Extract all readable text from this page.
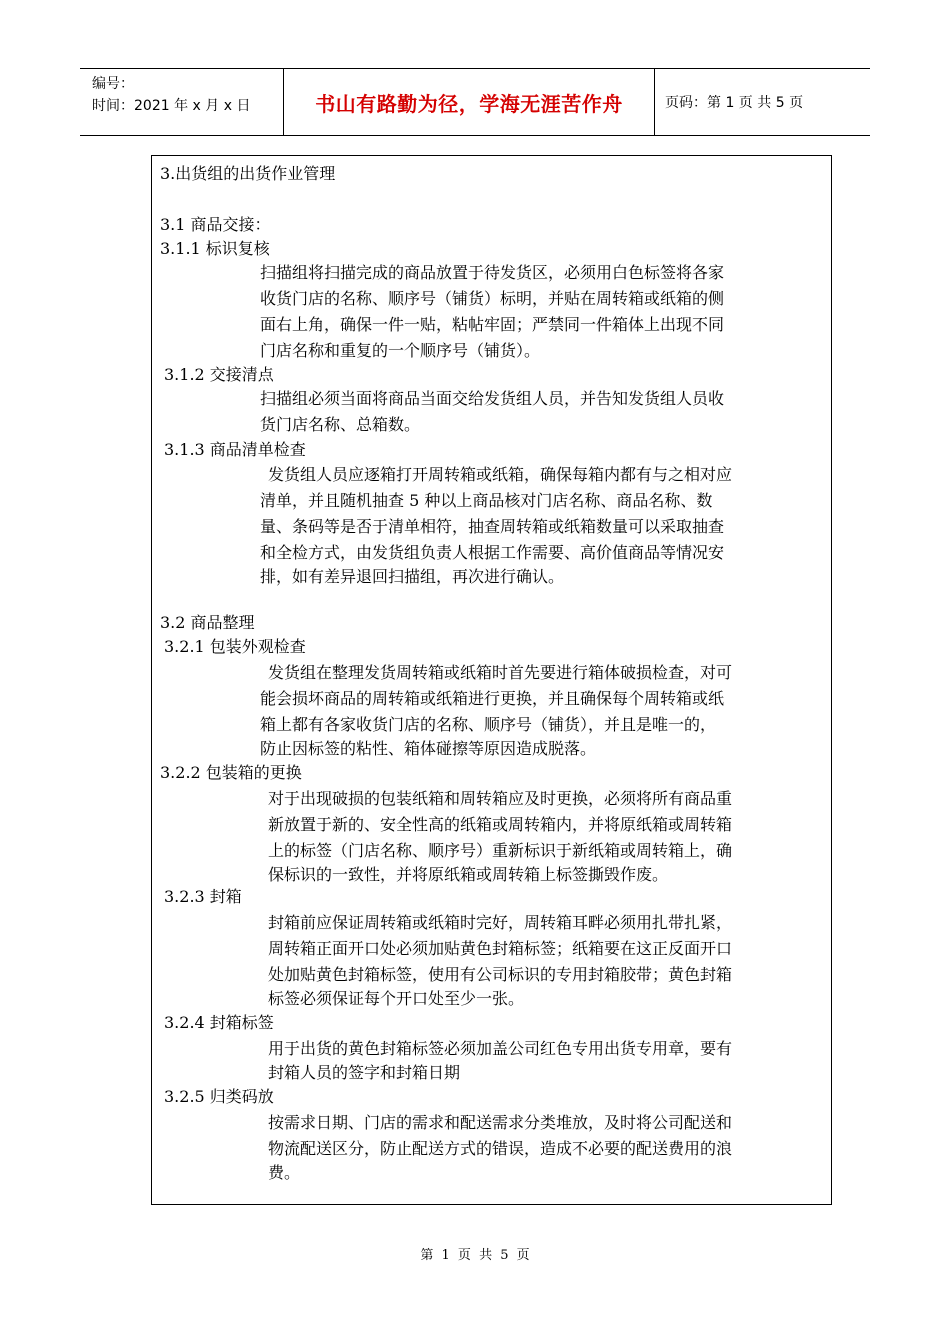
编号：
时间：2021 年 x 月 x 日	书山有路勤为径，学海无涯苦作舟	页码：第 1 页 共 5 页
3.出货组的出货作业管理
3.1 商品交接：
3.1.1 标识复核
扫描组将扫描完成的商品放置于待发货区，必须用白色标签将各家
收货门店的名称、顺序号（铺货）标明，并贴在周转箱或纸箱的侧
面右上角，确保一件一贴，粘帖牢固；严禁同一件箱体上出现不同
门店名称和重复的一个顺序号（铺货）。
3.1.2 交接清点
扫描组必须当面将商品当面交给发货组人员，并告知发货组人员收
货门店名称、总箱数。
3.1.3 商品清单检查
发货组人员应逐箱打开周转箱或纸箱，确保每箱内都有与之相对应
清单，并且随机抽查 5 种以上商品核对门店名称、商品名称、数
量、条码等是否于清单相符，抽查周转箱或纸箱数量可以采取抽查
和全检方式，由发货组负责人根据工作需要、高价值商品等情况安
排，如有差异退回扫描组，再次进行确认。
3.2 商品整理
3.2.1 包装外观检查
发货组在整理发货周转箱或纸箱时首先要进行箱体破损检查，对可
能会损坏商品的周转箱或纸箱进行更换，并且确保每个周转箱或纸
箱上都有各家收货门店的名称、顺序号（铺货），并且是唯一的，
防止因标签的粘性、箱体碰擦等原因造成脱落。
3.2.2 包装箱的更换
对于出现破损的包装纸箱和周转箱应及时更换，必须将所有商品重
新放置于新的、安全性高的纸箱或周转箱内，并将原纸箱或周转箱
上的标签（门店名称、顺序号）重新标识于新纸箱或周转箱上，确
保标识的一致性，并将原纸箱或周转箱上标签撕毁作废。
3.2.3 封箱
封箱前应保证周转箱或纸箱时完好，周转箱耳畔必须用扎带扎紧，
周转箱正面开口处必须加贴黄色封箱标签；纸箱要在这正反面开口
处加贴黄色封箱标签，使用有公司标识的专用封箱胶带；黄色封箱
标签必须保证每个开口处至少一张。
3.2.4 封箱标签
用于出货的黄色封箱标签必须加盖公司红色专用出货专用章，要有
封箱人员的签字和封箱日期
3.2.5 归类码放
按需求日期、门店的需求和配送需求分类堆放，及时将公司配送和
物流配送区分，防止配送方式的错误，造成不必要的配送费用的浪
费。
第 1 页 共 5 页
